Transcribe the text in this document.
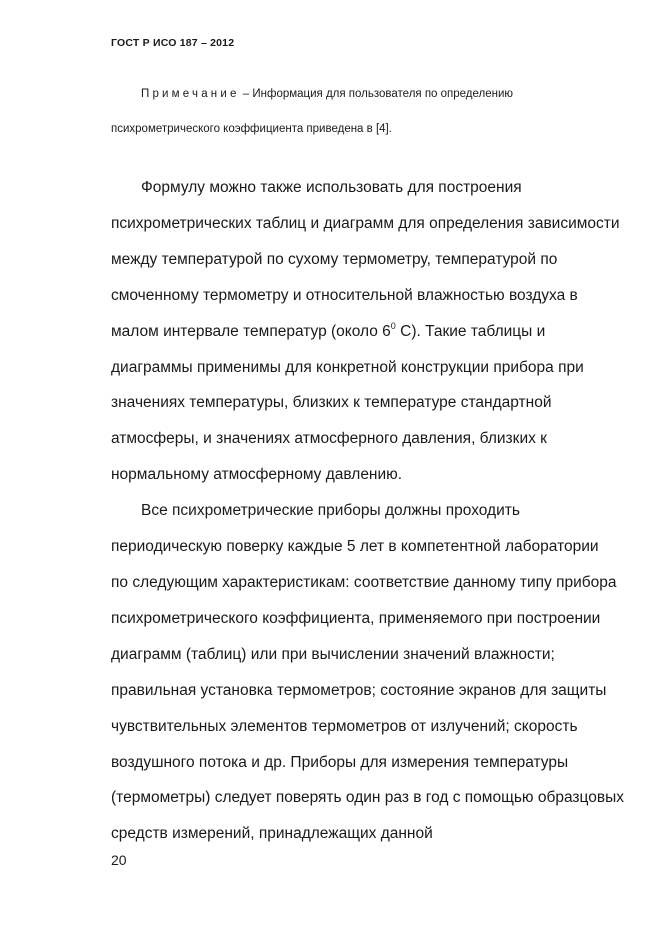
ГОСТ Р ИСО 187 – 2012
Примечание – Информация для пользователя по определению
психрометрического коэффициента приведена в [4].
Формулу можно также использовать для построения
психрометрических таблиц и диаграмм для определения зависимости
между температурой по сухому термометру, температурой по
смоченному термометру и относительной влажностью воздуха в
малом интервале температур (около $6^0$ С). Такие таблицы и
диаграммы применимы для конкретной конструкции прибора при
значениях температуры, близких к температуре стандартной
атмосферы, и значениях атмосферного давления, близких к
нормальному атмосферному давлению.
Все психрометрические приборы должны проходить
периодическую поверку каждые 5 лет в компетентной лаборатории
по следующим характеристикам: соответствие данному типу прибора
психрометрического коэффициента, применяемого при построении
диаграмм (таблиц) или при вычислении значений влажности;
правильная установка термометров; состояние экранов для защиты
чувствительных элементов термометров от излучений; скорость
воздушного потока и др. Приборы для измерения температуры
(термометры) следует поверять один раз в год с помощью образцовых
средств измерений, принадлежащих данной
20
